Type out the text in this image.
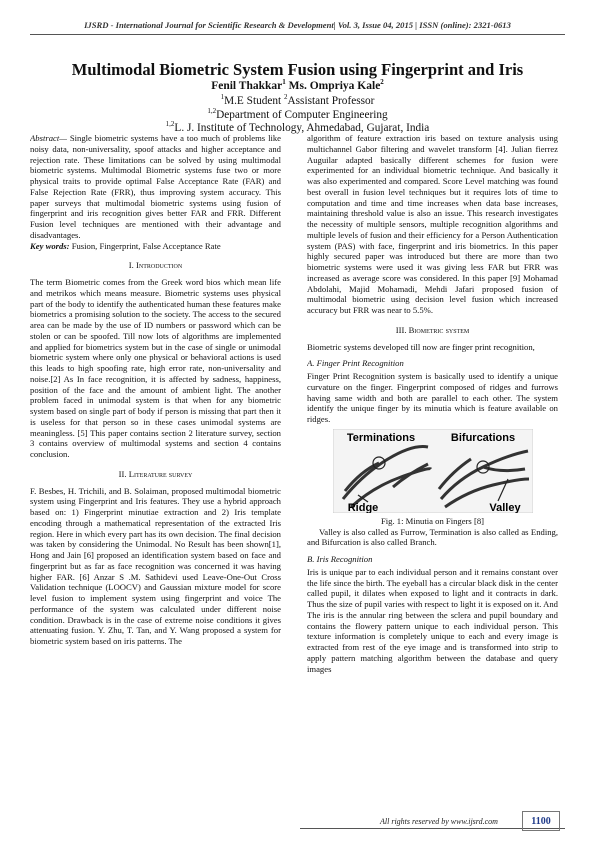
IJSRD - International Journal for Scientific Research & Development| Vol. 3, Issue 04, 2015 | ISSN (online): 2321-0613
Multimodal Biometric System Fusion using Fingerprint and Iris
Fenil Thakkar$^1$ Ms. Ompriya Kale$^2$
$^1$M.E Student $^2$Assistant Professor
$^{1,2}$Department of Computer Engineering
$^{1,2}$L. J. Institute of Technology, Ahmedabad, Gujarat, India

Abstract— Single biometric systems have a too much of problems like noisy data, non-universality, spoof attacks and higher acceptance and rejection rate. These limitations can be solved by using multimodal biometric systems. Multimodal Biometric systems fuse two or more physical traits to provide optimal False Acceptance Rate (FAR) and False Rejection Rate (FRR), thus improving system accuracy. This paper surveys that multimodal biometric systems using fusion of fingerprint and iris recognition gives better FAR and FRR. Different Fusion level techniques are mentioned with their advantage and disadvantages.

Key words: Fusion, Fingerprint, False Acceptance Rate

I. Introduction

The term Biometric comes from the Greek word bios which mean life and metrikos which means measure. Biometric systems uses physical part of the body to identify the authenticated human these features make biometrics a promising solution to the society. The access to the secured area can be made by the use of ID numbers or password which can be stolen or can be spoofed. Till now lots of algorithms are implemented and applied for biometrics system but in the case of single or unimodal biometric system where only one physical or behavioral actions is used this leads to high spoofing rate, high error rate, non-universality and noise.[2] As In face recognition, it is affected by sadness, happiness, position of the face and the amount of ambient light. The another problem faced in unimodal system is that when for any biometric system based on single part of body if person is missing that part then it is useless for that person so in these cases unimodal systems are meaningless. [5] This paper contains section 2 literature survey, section 3 contains overview of multimodal systems and section 4 contains conclusion.

II. Literature survey

F. Besbes, H. Trichili, and B. Solaiman, proposed multimodal biometric system using Fingerprint and Iris features. They use a hybrid approach based on: 1) Fingerprint minutiae extraction and 2) Iris template encoding through a mathematical representation of the extracted Iris region. Here in which every part has its own decision. The final decision was taken by considering the Unimodal. No Result has been shown[1], Hong and Jain [6] proposed an identification system based on face and fingerprint but as far as face recognition was concerned it was having higher FAR. [6] Anzar S .M. Sathidevi used Leave-One-Out Cross Validation technique (LOOCV) and Gaussian mixture model for score level fusion to implement system using fingerprint and voice The performance of the system was calculated under different noise condition. Drawback is in the case of extreme noise conditions it gives attenuating fusion. Y. Zhu, T. Tan, and Y. Wang proposed a system for biometric system based on iris patterns. The

algorithm of feature extraction iris based on texture analysis using multichannel Gabor filtering and wavelet transform [4]. Julian fierrez Auguilar adapted basically different schemes for fusion were experimented for an individual biometric technique. And basically it was also experimented and compared. Score Level matching was found best overall in fusion level techniques but it requires lots of time to computation and time and time increases when data base increases, maintaining threshold value is also an issue. This research investigates the necessity of multiple sensors, multiple recognition algorithms and multiple levels of fusion and their efficiency for a Person Authentication system (PAS) with face, fingerprint and iris biometrics. In this paper highly secured paper was introduced but there are more than two biometric systems were used it was giving less FAR but FRR was increased as average score was considered. In this paper [9] Mohamad Abdolahi, Majid Mohamadi, Mehdi Jafari proposed fusion of multimodal biometric using decision level fusion which increased accuracy but FRR was near to 5.5%.

III. Biometric system

Biometric systems developed till now are finger print recognition,

A. Finger Print Recognition

Finger Print Recognition system is basically used to identify a unique curvature on the finger. Fingerprint composed of ridges and furrows having same width and both are parallel to each other. The system identify the unique finger by its minutia which is feature available on ridges.

Terminations	Bifurcations
Ridge	Valley

Fig. 1: Minutia on Fingers [8]

Valley is also called as Furrow, Termination is also called as Ending, and Bifurcation is also called Branch.

B. Iris Recognition

Iris is unique par to each individual person and it remains constant over the life since the birth. The eyeball has a circular black disk in the center called pupil, it dilates when exposed to light and it contracts in dark. Thus the size of pupil varies with respect to light it is exposed on it. And The iris is the annular ring between the sclera and pupil boundary and contains the flowery pattern unique to each individual person. This texture information is completely unique to each and every image is extracted from rest of the eye image and is transformed into strip to apply pattern matching algorithm between the database and query images

All rights reserved by www.ijsrd.com	1100
